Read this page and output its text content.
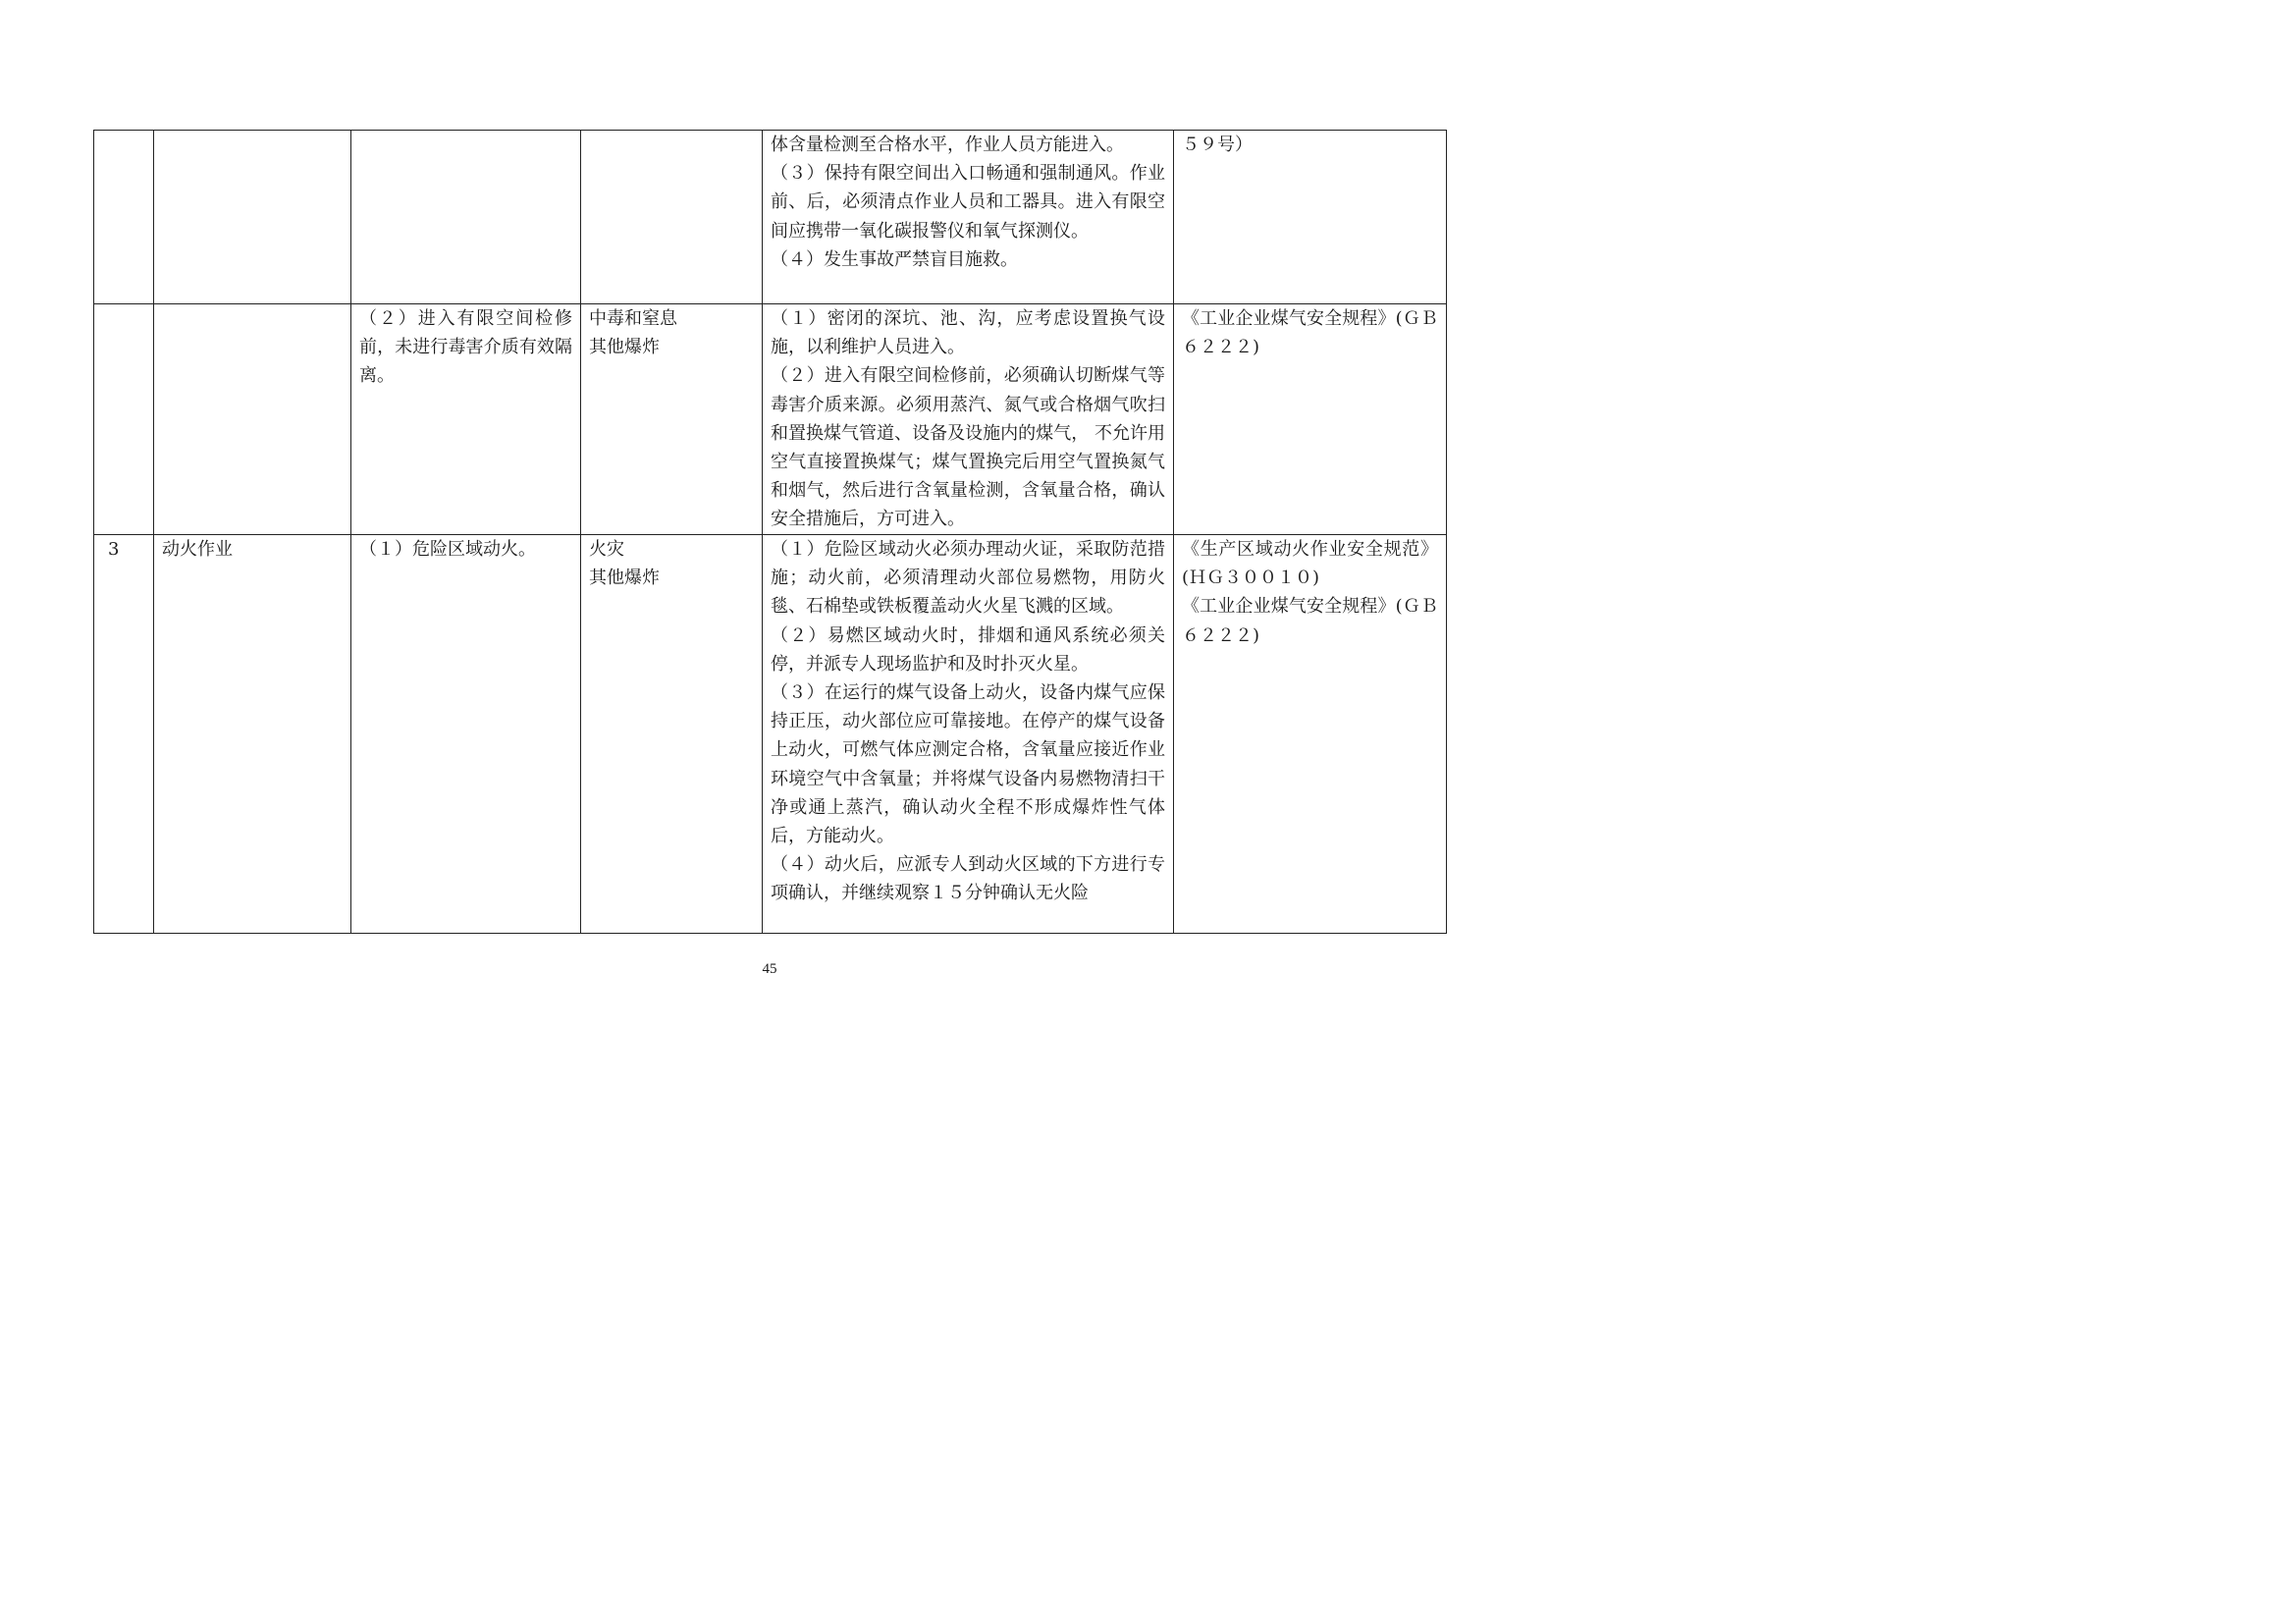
				体含量检测至合格水平，作业人员方能进入。
（３）保持有限空间出入口畅通和强制通风。作业前、后，必须清点作业人员和工器具。进入有限空间应携带一氧化碳报警仪和氧气探测仪。
（４）发生事故严禁盲目施救。	５９号）

		（２）进入有限空间检修前，未进行毒害介质有效隔离。	中毒和窒息
其他爆炸	（１）密闭的深坑、池、沟，应考虑设置换气设施，以利维护人员进入。
（２）进入有限空间检修前，必须确认切断煤气等毒害介质来源。必须用蒸汽、氮气或合格烟气吹扫和置换煤气管道、设备及设施内的煤气， 不允许用空气直接置换煤气；煤气置换完后用空气置换氮气和烟气，然后进行含氧量检测，含氧量合格，确认安全措施后，方可进入。	《工业企业煤气安全规程》(ＧＢ　６２２２)

3	动火作业	（１）危险区域动火。	火灾
其他爆炸	（１）危险区域动火必须办理动火证，采取防范措施；动火前，必须清理动火部位易燃物，用防火毯、石棉垫或铁板覆盖动火火星飞溅的区域。
（２）易燃区域动火时，排烟和通风系统必须关停，并派专人现场监护和及时扑灭火星。
（３）在运行的煤气设备上动火，设备内煤气应保持正压，动火部位应可靠接地。在停产的煤气设备上动火，可燃气体应测定合格，含氧量应接近作业环境空气中含氧量；并将煤气设备内易燃物清扫干净或通上蒸汽，确认动火全程不形成爆炸性气体后，方能动火。
（４）动火后，应派专人到动火区域的下方进行专项确认，并继续观察１５分钟确认无火险	《生产区域动火作业安全规范》(ＨＧ３００１０)
《工业企业煤气安全规程》(ＧＢ　６２２２)
45
